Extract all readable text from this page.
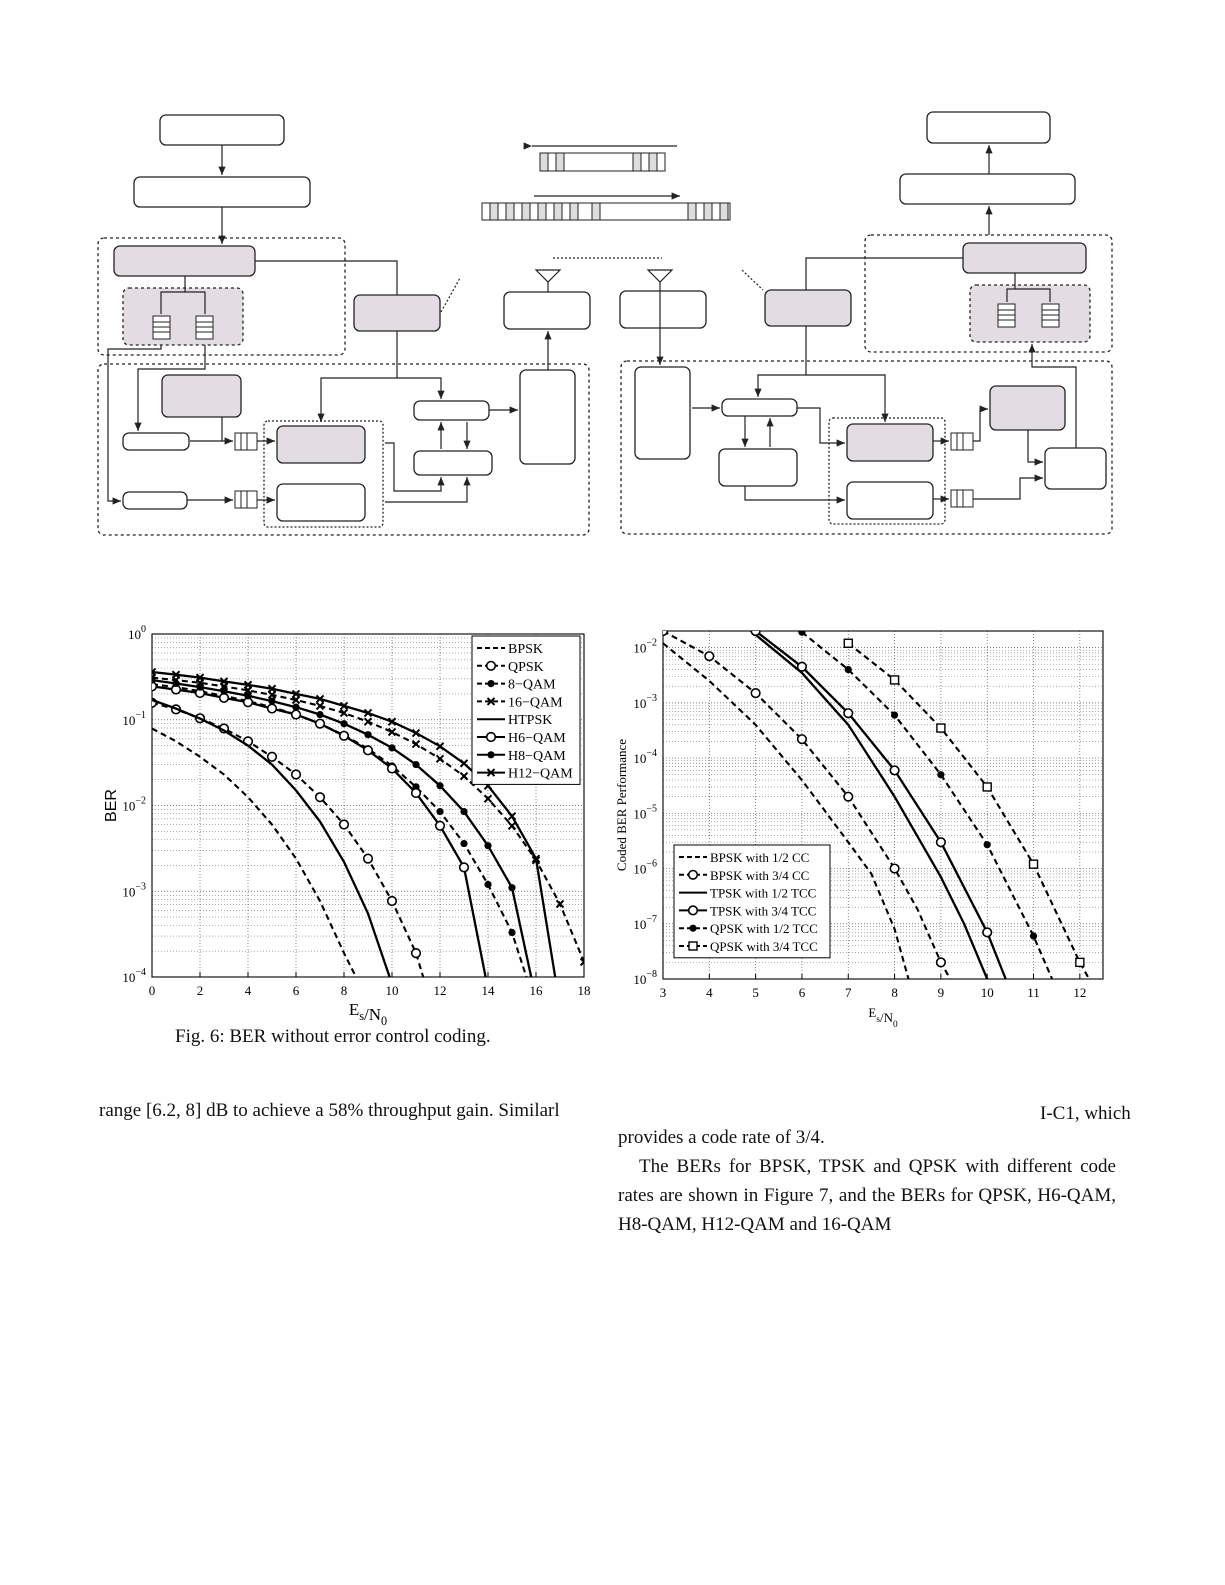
$10^0$
$10^{-1}$
$10^{-2}$
$10^{-3}$
$10^{-4}$
0	2	4	6	8	10	12	14	16	18
$E_s/N_0$
BER
BPSK
QPSK
8−QAM
16−QAM
HTPSK
H6−QAM
H8−QAM
H12−QAM
Fig. 6: BER without error control coding.
$10^{-2}$
$10^{-3}$
$10^{-4}$
$10^{-5}$
$10^{-6}$
$10^{-7}$
$10^{-8}$
3	4	5	6	7	8	9	10	11	12
$E_s/N_0$
Coded BER Performance	BPSK with 1/2 CC
BPSK with 3/4 CC
TPSK with 1/2 TCC
TPSK with 3/4 TCC
QPSK with 1/2 TCC
QPSK with 3/4 TCC
range [6.2, 8] dB to achieve a 58% throughput gain. Similarl	I-C1, which
provides a code rate of 3/4.
The BERs for BPSK, TPSK and QPSK with different code rates are shown in Figure 7, and the BERs for QPSK, H6-QAM, H8-QAM, H12-QAM and 16-QAM
